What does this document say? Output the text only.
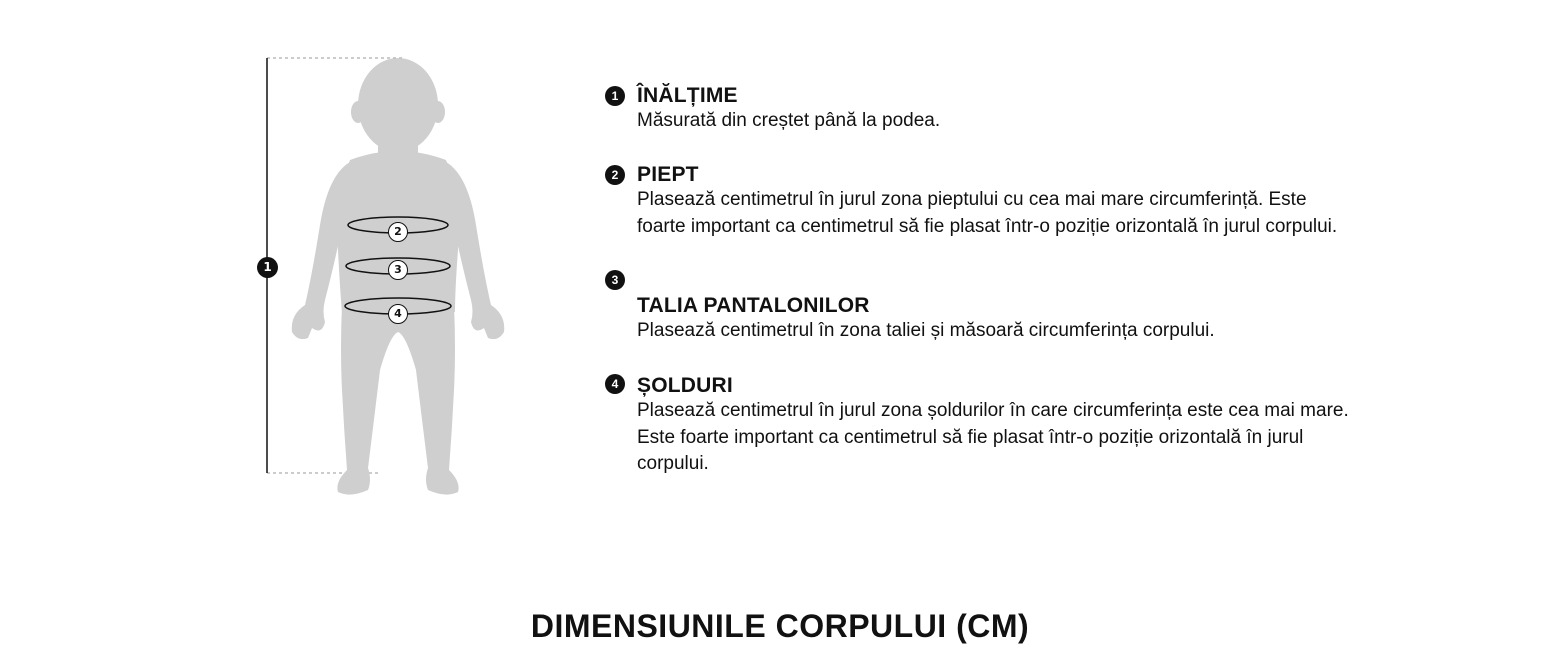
1
2
3
4
1 ÎNĂLȚIME
Măsurată din creștet până la podea.
2 PIEPT
Plasează centimetrul în jurul zona pieptului cu cea mai mare circumferință. Este foarte important ca centimetrul să fie plasat într-o poziție orizontală în jurul corpului.
3
TALIA PANTALONILOR
Plasează centimetrul în zona taliei și măsoară circumferința corpului.
4 ȘOLDURI
Plasează centimetrul în jurul zona șoldurilor în care circumferința este cea mai mare. Este foarte important ca centimetrul să fie plasat într-o poziție orizontală în jurul corpului.
DIMENSIUNILE CORPULUI (CM)
